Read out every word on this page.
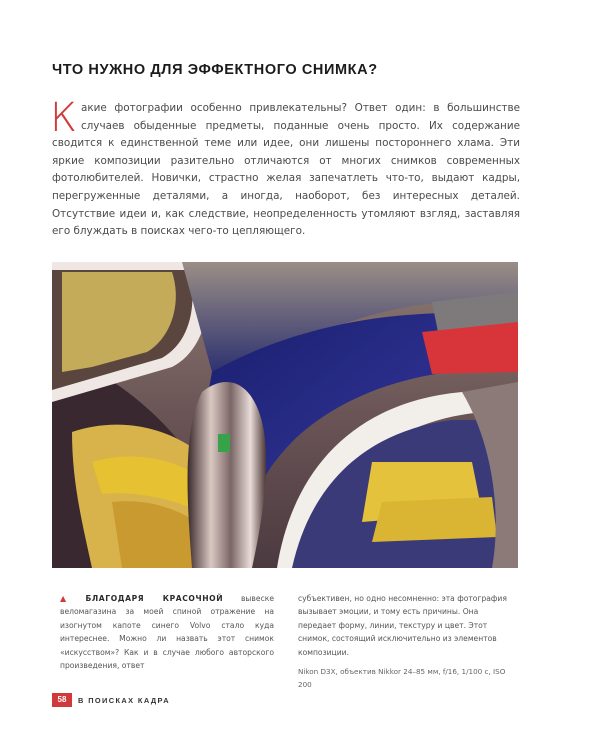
ЧТО НУЖНО ДЛЯ ЭФФЕКТНОГО СНИМКА?

Какие фотографии особенно привлекательны? Ответ один: в большинстве случаев обыденные предметы, поданные очень просто. Их содержание сводится к единственной теме или идее, они лишены постороннего хлама. Эти яркие композиции разительно отличаются от многих снимков современных фотолюбителей. Новички, страстно желая запечатлеть что-то, выдают кадры, перегруженные деталями, а иногда, наоборот, без интересных деталей. Отсутствие идеи и, как следствие, неопределенность утомляют взгляд, заставляя его блуждать в поисках чего-то цепляющего.

▲ БЛАГОДАРЯ КРАСОЧНОЙ вывеске веломагазина за моей спиной отражение на изогнутом капоте синего Volvo стало куда интереснее. Можно ли назвать этот снимок «искусством»? Как и в случае любого авторского произведения, ответ

субъективен, но одно несомненно: эта фотография вызывает эмоции, и тому есть причины. Она передает форму, линии, текстуру и цвет. Этот снимок, состоящий исключительно из элементов композиции.
Nikon D3X, объектив Nikkor 24–85 мм, f/16, 1/100 с, ISO 200

58	В ПОИСКАХ КАДРА
